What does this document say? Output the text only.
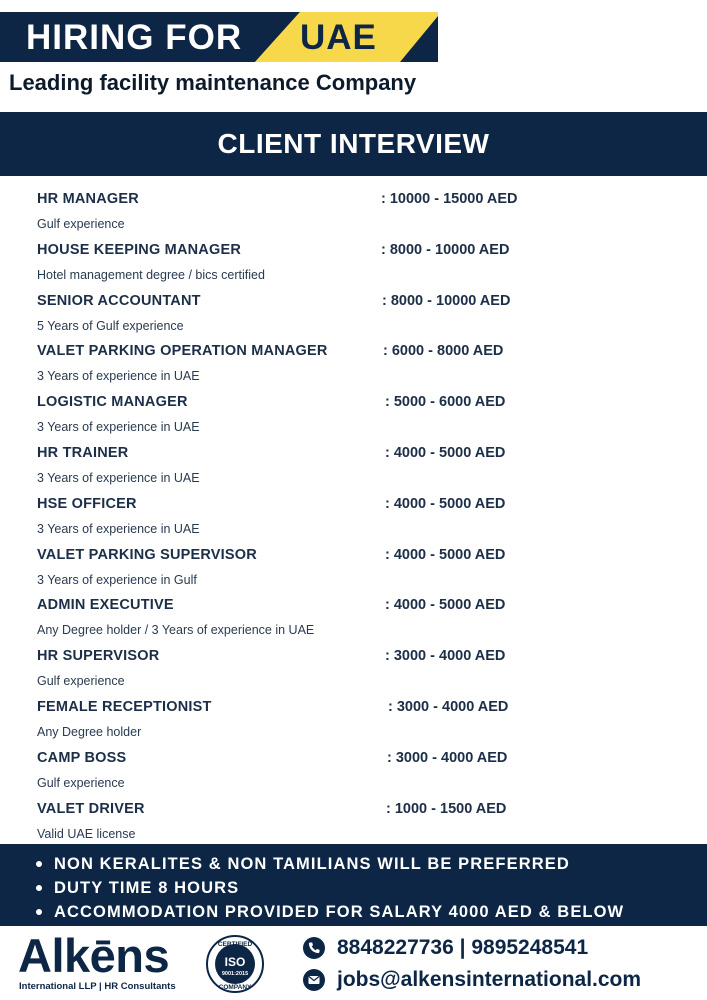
HIRING FOR UAE
Leading facility maintenance Company
CLIENT INTERVIEW
HR MANAGER	: 10000 - 15000 AED
Gulf experience
HOUSE KEEPING MANAGER	: 8000 - 10000 AED
Hotel management degree / bics certified
SENIOR ACCOUNTANT	: 8000 - 10000 AED
5 Years of Gulf experience
VALET PARKING OPERATION MANAGER	: 6000 - 8000 AED
3 Years of experience in UAE
LOGISTIC MANAGER	: 5000 - 6000 AED
3 Years of experience in UAE
HR TRAINER	: 4000 - 5000 AED
3 Years of experience in UAE
HSE OFFICER	: 4000 - 5000 AED
3 Years of experience in UAE
VALET PARKING SUPERVISOR	: 4000 - 5000 AED
3 Years of experience in Gulf
ADMIN EXECUTIVE	: 4000 - 5000 AED
Any Degree holder / 3 Years of experience in UAE
HR SUPERVISOR	: 3000 - 4000 AED
Gulf experience
FEMALE RECEPTIONIST	: 3000 - 4000 AED
Any Degree holder
CAMP BOSS	: 3000 - 4000 AED
Gulf experience
VALET DRIVER	: 1000 - 1500 AED
Valid UAE license
NON KERALITES & NON TAMILIANS WILL BE PREFERRED
DUTY TIME 8 HOURS
ACCOMMODATION PROVIDED FOR SALARY 4000 AED & BELOW
Alkēns
International LLP | HR Consultants
CERTIFIED
ISO
9001:2015
COMPANY
8848227736 | 9895248541
jobs@alkensinternational.com
